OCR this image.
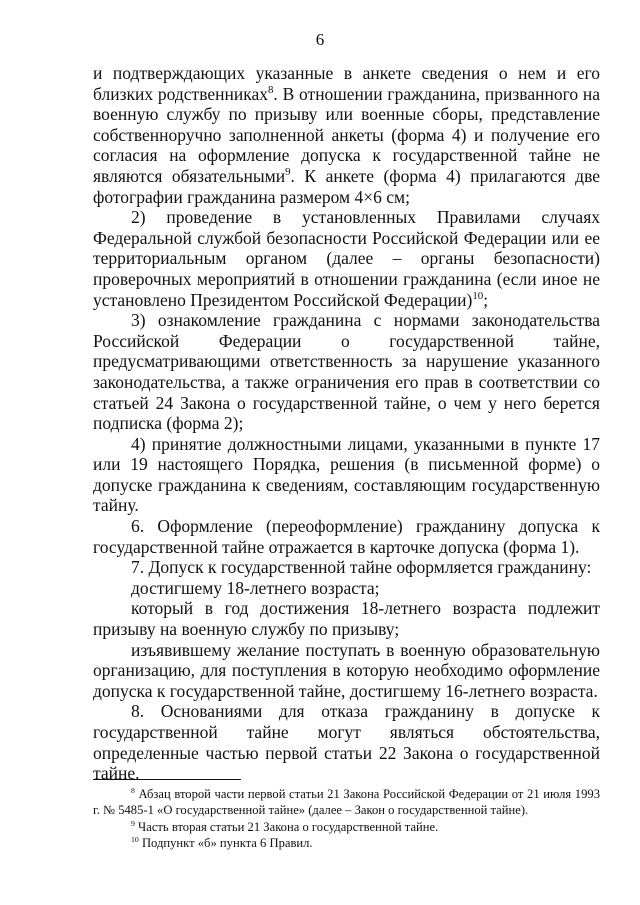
6

и подтверждающих указанные в анкете сведения о нем и его близких родственниках$^8$. В отношении гражданина, призванного на военную службу по призыву или военные сборы, представление собственноручно заполненной анкеты (форма 4) и получение его согласия на оформление допуска к государственной тайне не являются обязательными$^9$. К анкете (форма 4) прилагаются две фотографии гражданина размером 4×6 см;

2) проведение в установленных Правилами случаях Федеральной службой безопасности Российской Федерации или ее территориальным органом (далее – органы безопасности) проверочных мероприятий в отношении гражданина (если иное не установлено Президентом Российской Федерации)$^{10}$;

3) ознакомление гражданина с нормами законодательства Российской Федерации о государственной тайне, предусматривающими ответственность за нарушение указанного законодательства, а также ограничения его прав в соответствии со статьей 24 Закона о государственной тайне, о чем у него берется подписка (форма 2);

4) принятие должностными лицами, указанными в пункте 17 или 19 настоящего Порядка, решения (в письменной форме) о допуске гражданина к сведениям, составляющим государственную тайну.

6. Оформление (переоформление) гражданину допуска к государственной тайне отражается в карточке допуска (форма 1).

7. Допуск к государственной тайне оформляется гражданину:

достигшему 18-летнего возраста;

который в год достижения 18-летнего возраста подлежит призыву на военную службу по призыву;

изъявившему желание поступать в военную образовательную организацию, для поступления в которую необходимо оформление допуска к государственной тайне, достигшему 16-летнего возраста.

8. Основаниями для отказа гражданину в допуске к государственной тайне могут являться обстоятельства, определенные частью первой статьи 22 Закона о государственной тайне.

$^8$ Абзац второй части первой статьи 21 Закона Российской Федерации от 21 июля 1993 г. № 5485-1 «О государственной тайне» (далее – Закон о государственной тайне).

$^9$ Часть вторая статьи 21 Закона о государственной тайне.

$^{10}$ Подпункт «б» пункта 6 Правил.
